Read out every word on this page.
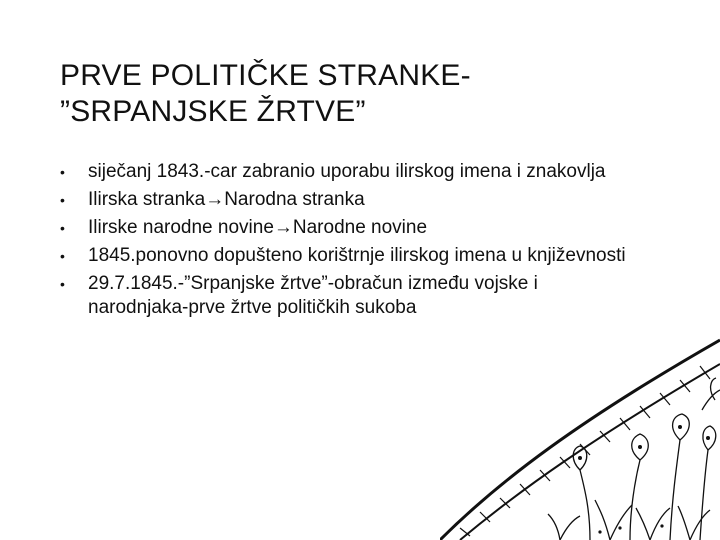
PRVE POLITIČKE STRANKE-
”SRPANJSKE ŽRTVE”
•	siječanj 1843.-car zabranio uporabu ilirskog imena i znakovlja
•	Ilirska stranka→Narodna stranka
•	Ilirske narodne novine→Narodne novine
•	1845.ponovno dopušteno korištrnje ilirskog imena u književnosti
•	29.7.1845.-”Srpanjske žrtve”-obračun između vojske i narodnjaka-prve žrtve političkih sukoba
